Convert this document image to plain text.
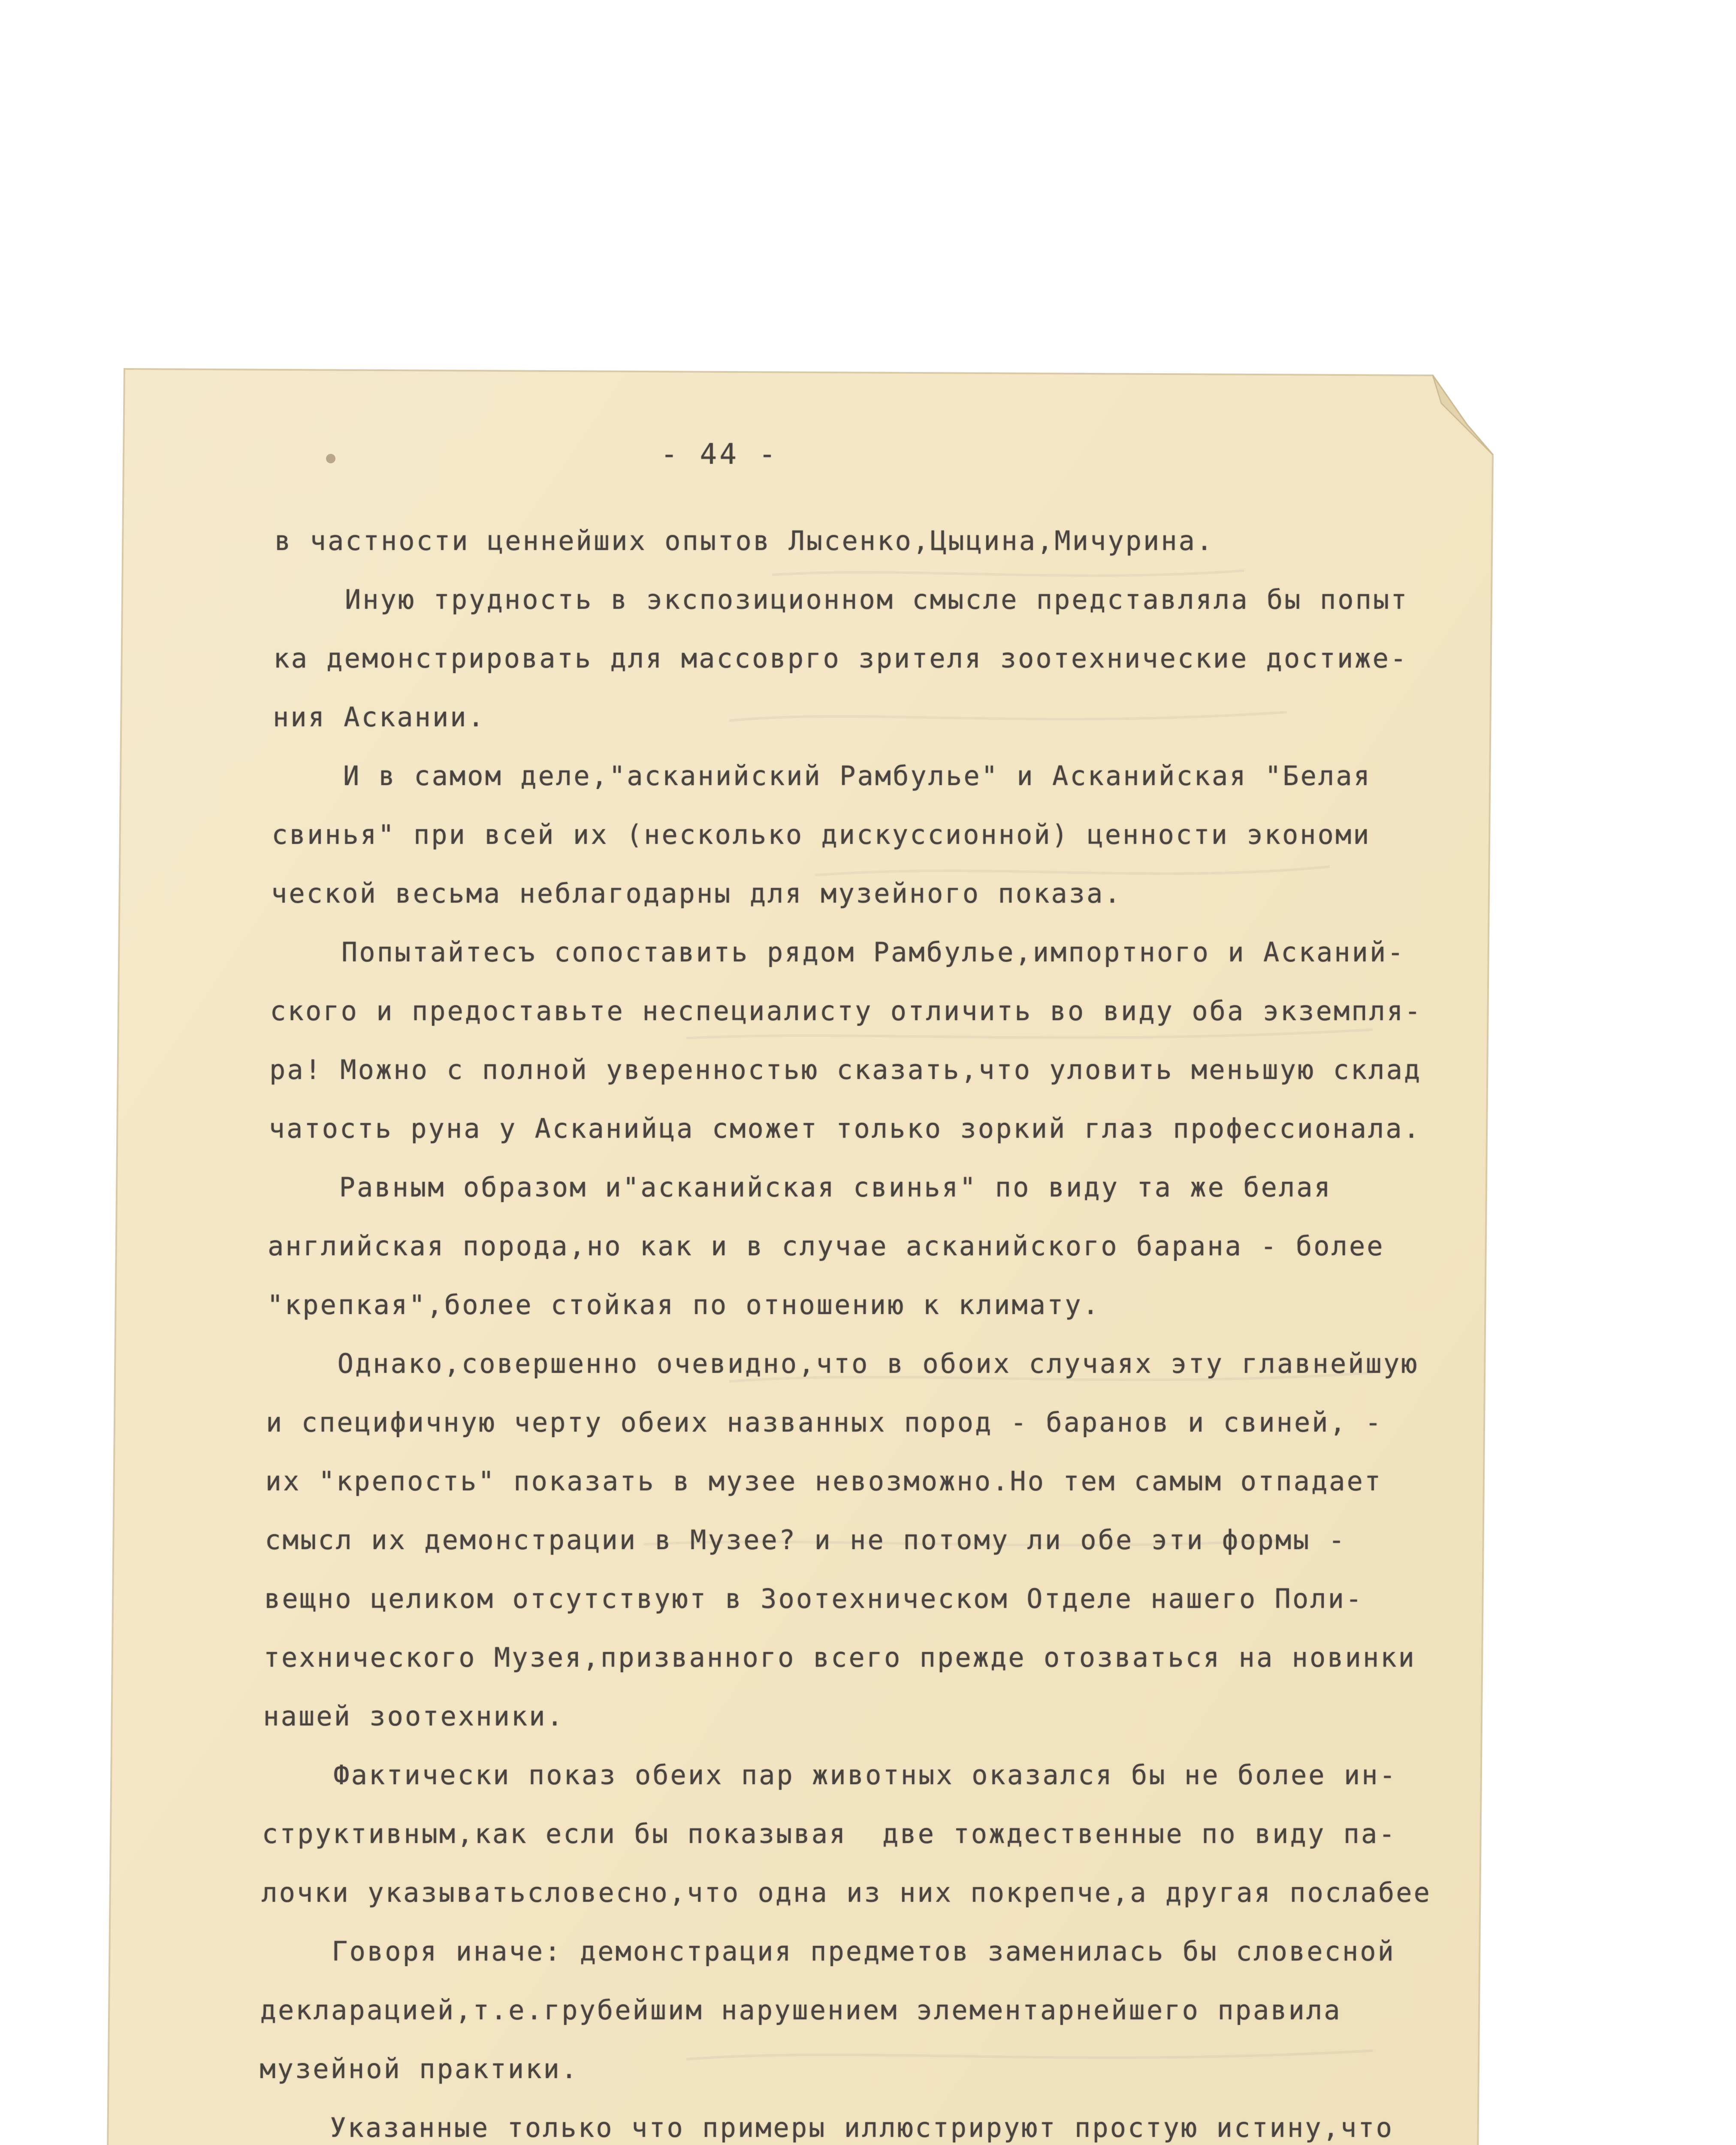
- 44 -
в частности ценнейших опытов Лысенко,Цыцина,Мичурина.
Иную трудность в экспозиционном смысле представляла бы попыт
ка демонстрировать для массоврго зрителя зоотехнические достиже-
ния Аскании.
И в самом деле,"асканийский Рамбулье" и Асканийская "Белая
свинья" при всей их (несколько дискуссионной) ценности экономи
ческой весьма неблагодарны для музейного показа.
Попытайтесъ сопоставить рядом Рамбулье,импортного и Асканий-
ского и предоставьте неспециалисту отличить во виду оба экземпля-
ра! Можно с полной уверенностью сказать,что уловить меньшую склад
чатость руна у Асканийца сможет только зоркий глаз профессионала.
Равным образом и"асканийская свинья" по виду та же белая
английская порода,но как и в случае асканийского барана - более
"крепкая",более стойкая по отношению к климату.
Однако,совершенно очевидно,что в обоих случаях эту главнейшую
и специфичную черту обеих названных пород - баранов и свиней, -
их "крепость" показать в музее невозможно.Но тем самым отпадает
смысл их демонстрации в Музее? и не потому ли обе эти формы -
вещно целиком отсутствуют в Зоотехническом Отделе нашего Поли-
технического Музея,призванного всего прежде отозваться на новинки
нашей зоотехники.
Фактически показ обеих пар животных оказался бы не более ин-
структивным,как если бы показывая  две тождественные по виду па-
лочки указыватьсловесно,что одна из них покрепче,а другая послабее
Говоря иначе: демонстрация предметов заменилась бы словесной
декларацией,т.е.грубейшим нарушением элементарнейшего правила
музейной практики.
Указанные только что примеры иллюстрируют простую истину,что
